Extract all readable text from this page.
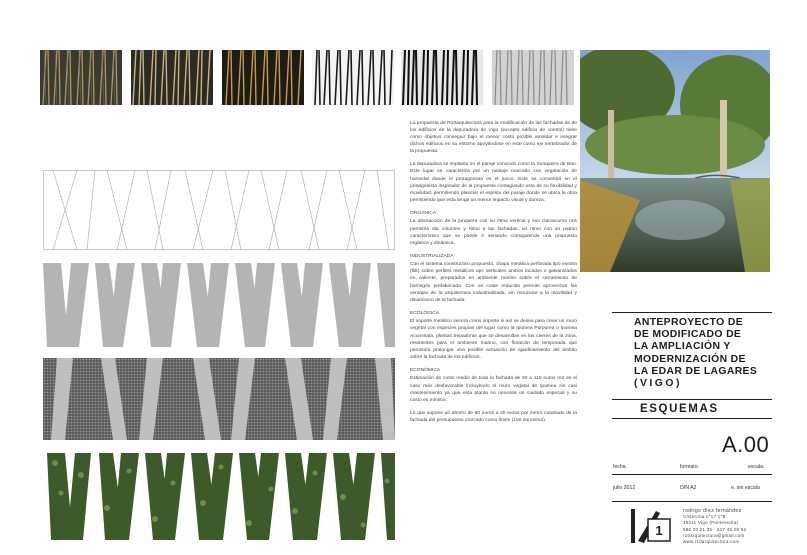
La propuesta de R10arquitectura para la modificación de las fachadas de de los edificios de la depuradora de Vigo (excepto edificio de control) tiene como objetivo conseguir bajo el menor costo posible amoldar e integrar dichos edificios en su entorno apoyándose en este como eje vertebrador de la propuesta.

La depuradora se implanta en el paraje conocido como la Xunqueira de Bao. Este lugar se caracteriza por un paisaje marcado con vegetación de humedal donde el protagonista es el junco. Este se convertirá en el protagonista inspirador de la propuesta contagiando esta de su flexibilidad y movilidad, permitiendo plasmar el espíritu del paraje donde se ubica la obra permitiendo que esta tenga un menor impacto visual y dureza.

ORGÁNICA

La abstracción de la junquera con su ritmo vertical y sus claroscuros nos permitirá dar volumen y ritmo a las fachadas, un ritmo con un patrón característico que se puede ir seriando consiguiendo una propuesta orgánica y dinámica.

INDUSTRIALIZADA

Con el sistema constructivo propuesto, chapa metálica perforada tipo esedra (fitk) sobre perfiles metálicos upc verticales ambos lacados o galvanizados en caliente, preparados en ambiente marino sobre el cerramiento de hormigón prefabricado. Con un coste reducido permite aprovechar las ventajas de la arquitectura industrializada, sin renunciar a la movilidad y dinamismo de la fachada.

ECOLÓGICA

El soporte metálico servirá como soporte si así se desea para crear un muro vegetal con especies propias del lugar como la Ipomea Purpurea o Ipomea Acuminata, plantas trepadoras que se desarrollan en los cierres de la zona, resistentes para el ambiente marino, con floración de temporada que permitiría prolongar una posible actuación de ajardinamiento del ámbito sobre la fachada de los edificios.

ECONÓMICA

Estimación de costo medio de toda la fachada de 90 a 110 euros m2 en el caso más desfavorable incluyendo el muro vegetal de Ipomea sin casi mantenimiento ya que esta planta no necesita un cuidado especial y su costo es mínimo.

Lo que supone un ahorro de 60 euros a 40 euros por metro cuadrado de la fachada del presupuesto marcado como límite (150 euros/m2).

ANTEPROYECTO DE
DE MODIFICADO DE
LA AMPLIACIÓN Y
MODERNIZACIÓN DE
LA EDAR DE LAGARES
(VIGO)
ESQUEMAS
A.00
fecha.	formato.	escala.
julio 2012	DIN A2	e. sin escala
1
rodrigo díez fernández
C/Gerona n°17 1°B
36211 Vigo (Pontevedra)
986 20 21 35 · 617 45 28 62
r10arquitectura@gmail.com
www.r10arquitectura.com
